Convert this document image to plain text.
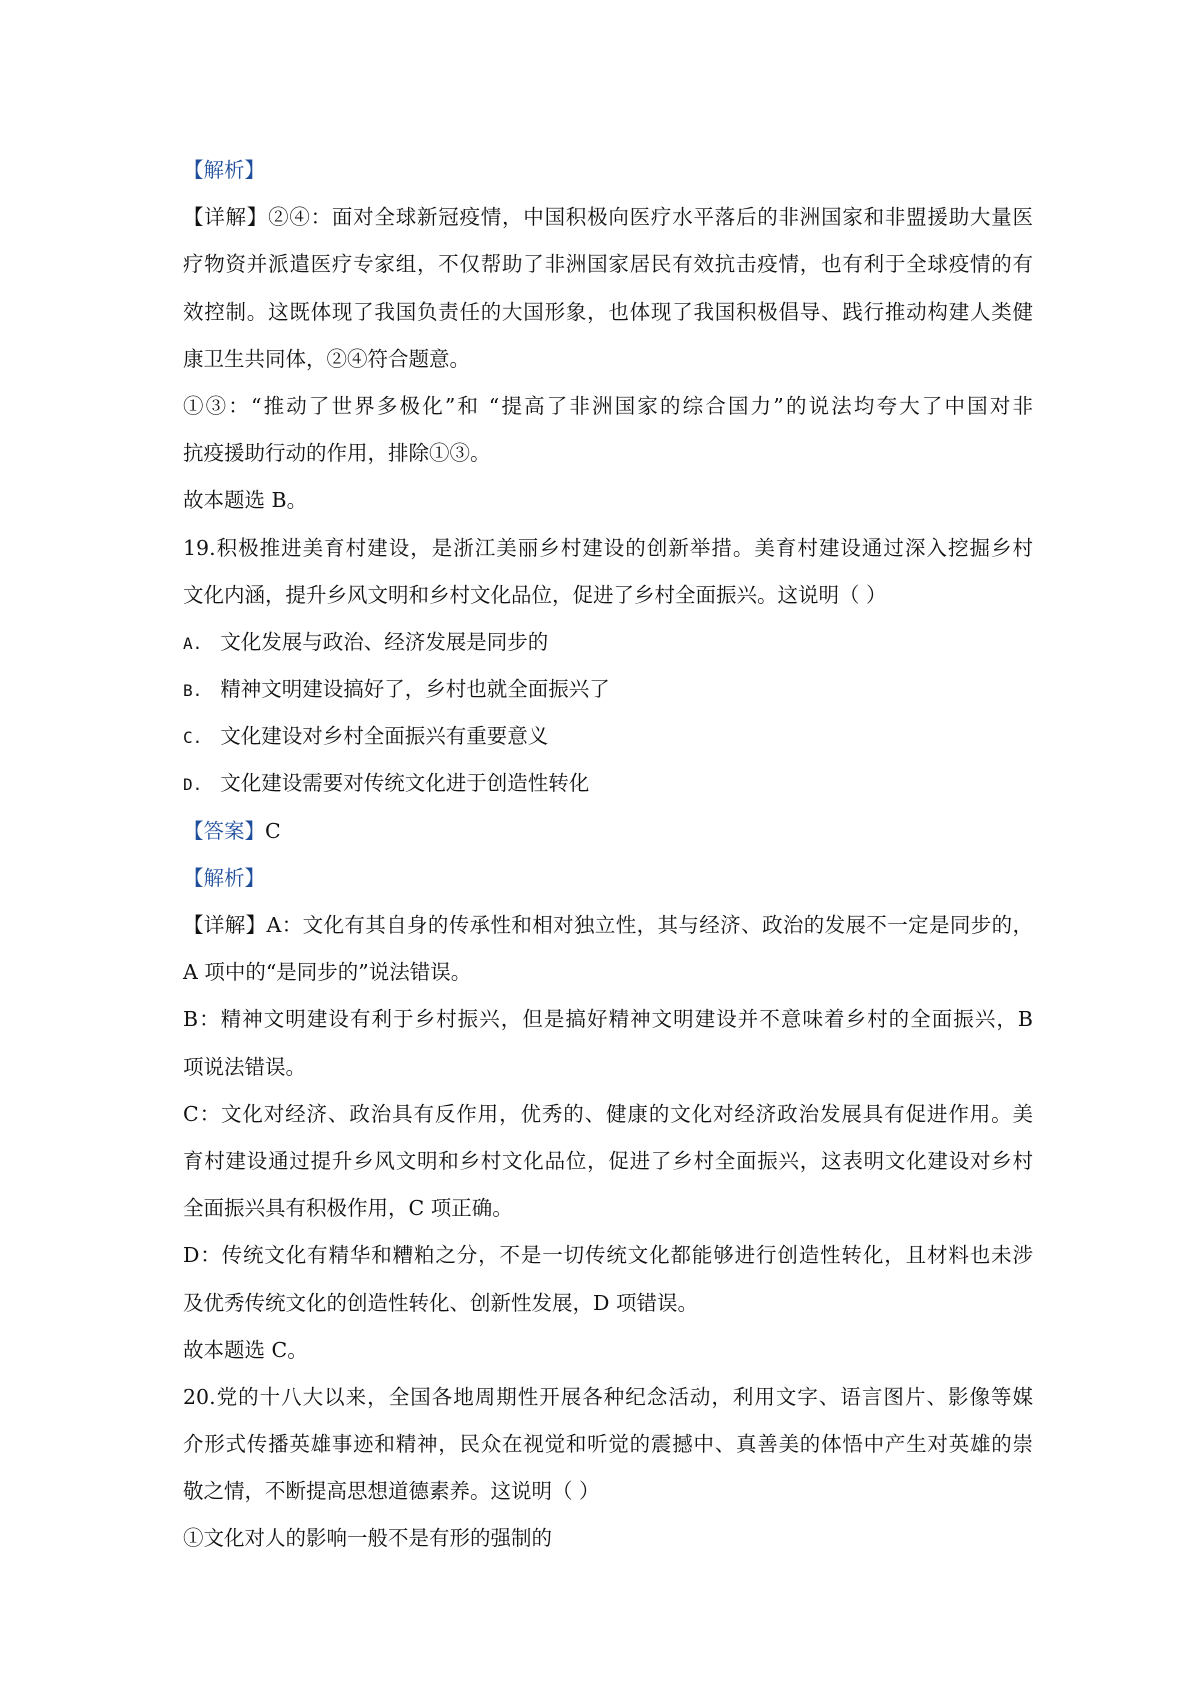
【解析】
【详解】②④：面对全球新冠疫情，中国积极向医疗水平落后的非洲国家和非盟援助大量医
疗物资并派遣医疗专家组，不仅帮助了非洲国家居民有效抗击疫情，也有利于全球疫情的有
效控制。这既体现了我国负责任的大国形象，也体现了我国积极倡导、践行推动构建人类健
康卫生共同体，②④符合题意。
①③：“推动了世界多极化”和 “提高了非洲国家的综合国力”的说法均夸大了中国对非
抗疫援助行动的作用，排除①③。
故本题选 B。
19.积极推进美育村建设，是浙江美丽乡村建设的创新举措。美育村建设通过深入挖掘乡村
文化内涵，提升乡风文明和乡村文化品位，促进了乡村全面振兴。这说明（ ）
A. 文化发展与政治、经济发展是同步的
B. 精神文明建设搞好了，乡村也就全面振兴了
C. 文化建设对乡村全面振兴有重要意义
D. 文化建设需要对传统文化进于创造性转化
【答案】C
【解析】
【详解】A：文化有其自身的传承性和相对独立性，其与经济、政治的发展不一定是同步的，
A 项中的“是同步的”说法错误。
B：精神文明建设有利于乡村振兴，但是搞好精神文明建设并不意味着乡村的全面振兴，B
项说法错误。
C：文化对经济、政治具有反作用，优秀的、健康的文化对经济政治发展具有促进作用。美
育村建设通过提升乡风文明和乡村文化品位，促进了乡村全面振兴，这表明文化建设对乡村
全面振兴具有积极作用，C 项正确。
D：传统文化有精华和糟粕之分，不是一切传统文化都能够进行创造性转化，且材料也未涉
及优秀传统文化的创造性转化、创新性发展，D 项错误。
故本题选 C。
20.党的十八大以来，全国各地周期性开展各种纪念活动，利用文字、语言图片、影像等媒
介形式传播英雄事迹和精神，民众在视觉和听觉的震撼中、真善美的体悟中产生对英雄的崇
敬之情，不断提高思想道德素养。这说明（ ）
①文化对人的影响一般不是有形的强制的
